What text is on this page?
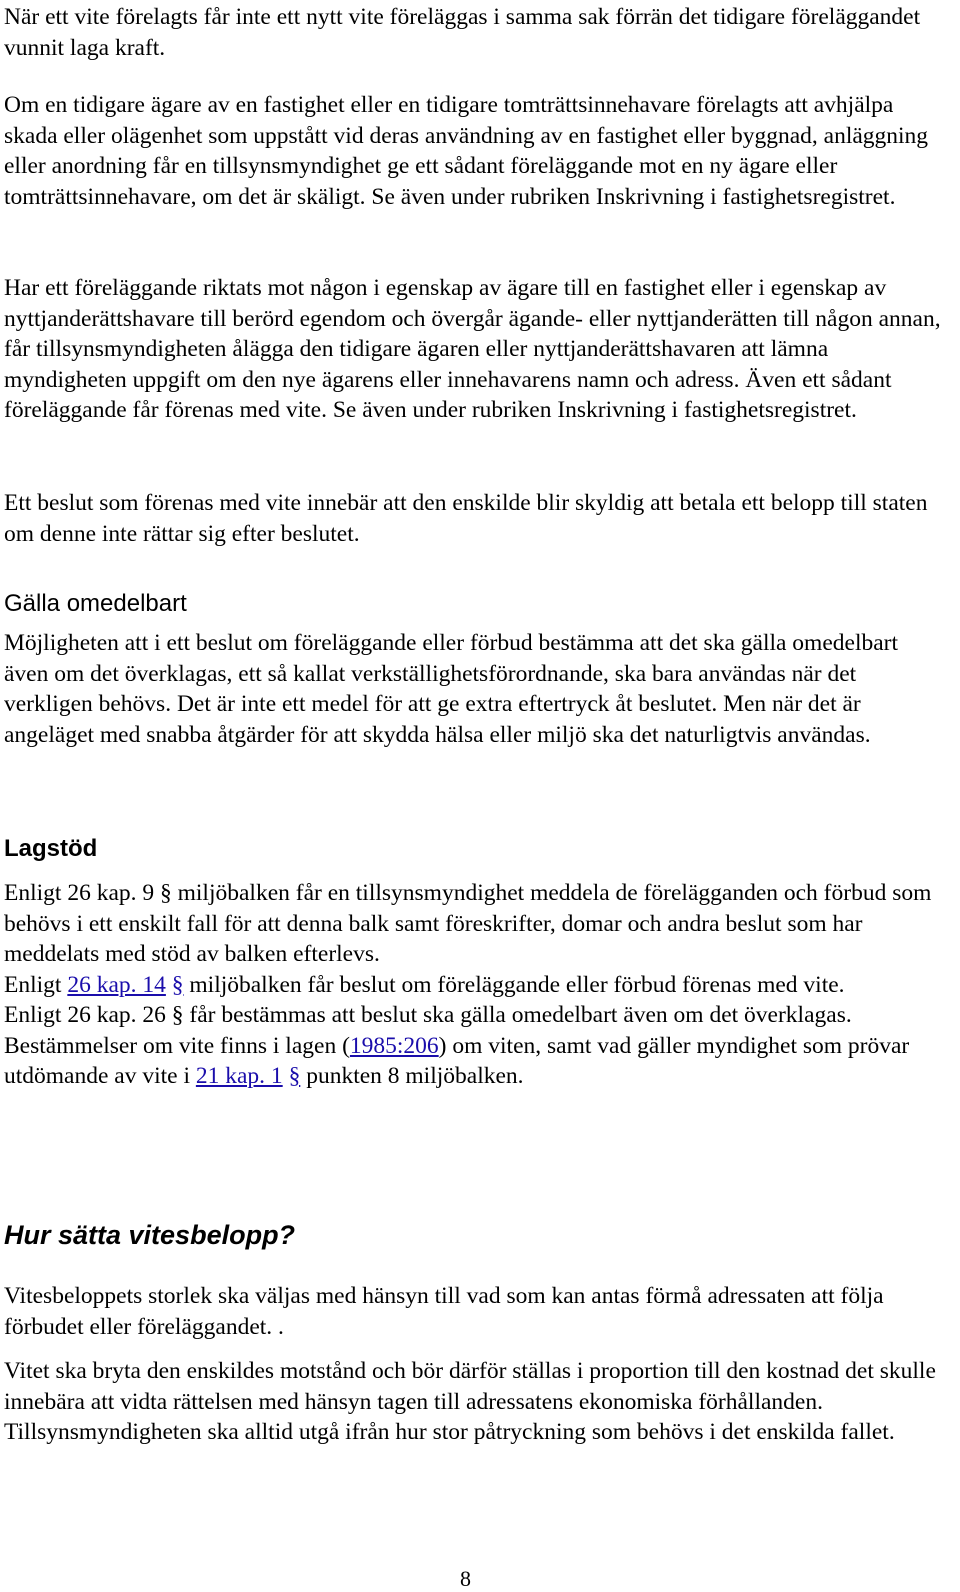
När ett vite förelagts får inte ett nytt vite föreläggas i samma sak förrän det tidigare föreläggandet vunnit laga kraft.

Om en tidigare ägare av en fastighet eller en tidigare tomträttsinnehavare förelagts att avhjälpa skada eller olägenhet som uppstått vid deras användning av en fastighet eller byggnad, anläggning eller anordning får en tillsynsmyndighet ge ett sådant föreläggande mot en ny ägare eller tomträttsinnehavare, om det är skäligt. Se även under rubriken Inskrivning i fastighetsregistret.

Har ett föreläggande riktats mot någon i egenskap av ägare till en fastighet eller i egenskap av nyttjanderättshavare till berörd egendom och övergår ägande- eller nyttjanderätten till någon annan, får tillsynsmyndigheten ålägga den tidigare ägaren eller nyttjanderättshavaren att lämna myndigheten uppgift om den nye ägarens eller innehavarens namn och adress. Även ett sådant föreläggande får förenas med vite. Se även under rubriken Inskrivning i fastighetsregistret.

Ett beslut som förenas med vite innebär att den enskilde blir skyldig att betala ett belopp till staten om denne inte rättar sig efter beslutet.

Gälla omedelbart

Möjligheten att i ett beslut om föreläggande eller förbud bestämma att det ska gälla omedelbart även om det överklagas, ett så kallat verkställighetsförordnande, ska bara användas när det verkligen behövs. Det är inte ett medel för att ge extra eftertryck åt beslutet. Men när det är angeläget med snabba åtgärder för att skydda hälsa eller miljö ska det naturligtvis användas.

Lagstöd
Enligt 26 kap. 9 § miljöbalken får en tillsynsmyndighet meddela de förelägganden och förbud som behövs i ett enskilt fall för att denna balk samt föreskrifter, domar och andra beslut som har meddelats med stöd av balken efterlevs.
Enligt 26 kap. 14 § miljöbalken får beslut om föreläggande eller förbud förenas med vite.
Enligt 26 kap. 26 § får bestämmas att beslut ska gälla omedelbart även om det överklagas.
Bestämmelser om vite finns i lagen (1985:206) om viten, samt vad gäller myndighet som prövar utdömande av vite i 21 kap. 1 § punkten 8 miljöbalken.
Hur sätta vitesbelopp?

Vitesbeloppets storlek ska väljas med hänsyn till vad som kan antas förmå adressaten att följa förbudet eller föreläggandet. .

Vitet ska bryta den enskildes motstånd och bör därför ställas i proportion till den kostnad det skulle innebära att vidta rättelsen med hänsyn tagen till adressatens ekonomiska förhållanden. Tillsynsmyndigheten ska alltid utgå ifrån hur stor påtryckning som behövs i det enskilda fallet.

8
